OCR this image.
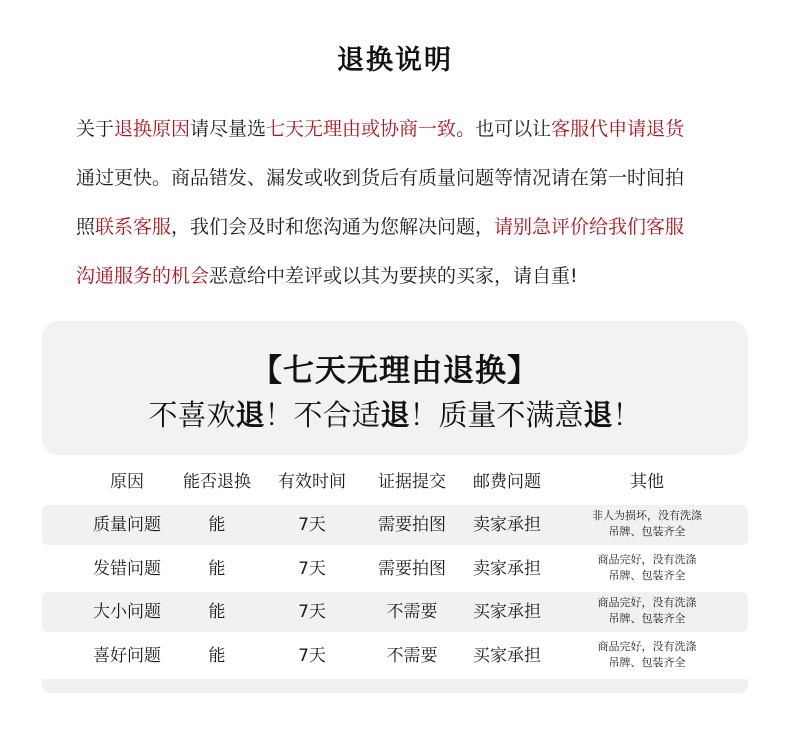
退换说明
关于退换原因请尽量选七天无理由或协商一致。也可以让客服代申请退货
通过更快。商品错发、漏发或收到货后有质量问题等情况请在第一时间拍
照联系客服，我们会及时和您沟通为您解决问题，请别急评价给我们客服
沟通服务的机会恶意给中差评或以其为要挟的买家，请自重!
【七天无理由退换】
不喜欢退！不合适退！质量不满意退！
原因	能否退换	有效时间	证据提交	邮费问题	其他
质量问题	能	7天	需要拍图	卖家承担	非人为损坏，没有洗涤
吊牌、包装齐全
发错问题	能	7天	需要拍图	卖家承担	商品完好，没有洗涤
吊牌、包装齐全
大小问题	能	7天	不需要	买家承担	商品完好，没有洗涤
吊牌、包装齐全
喜好问题	能	7天	不需要	买家承担	商品完好，没有洗涤
吊牌、包装齐全
